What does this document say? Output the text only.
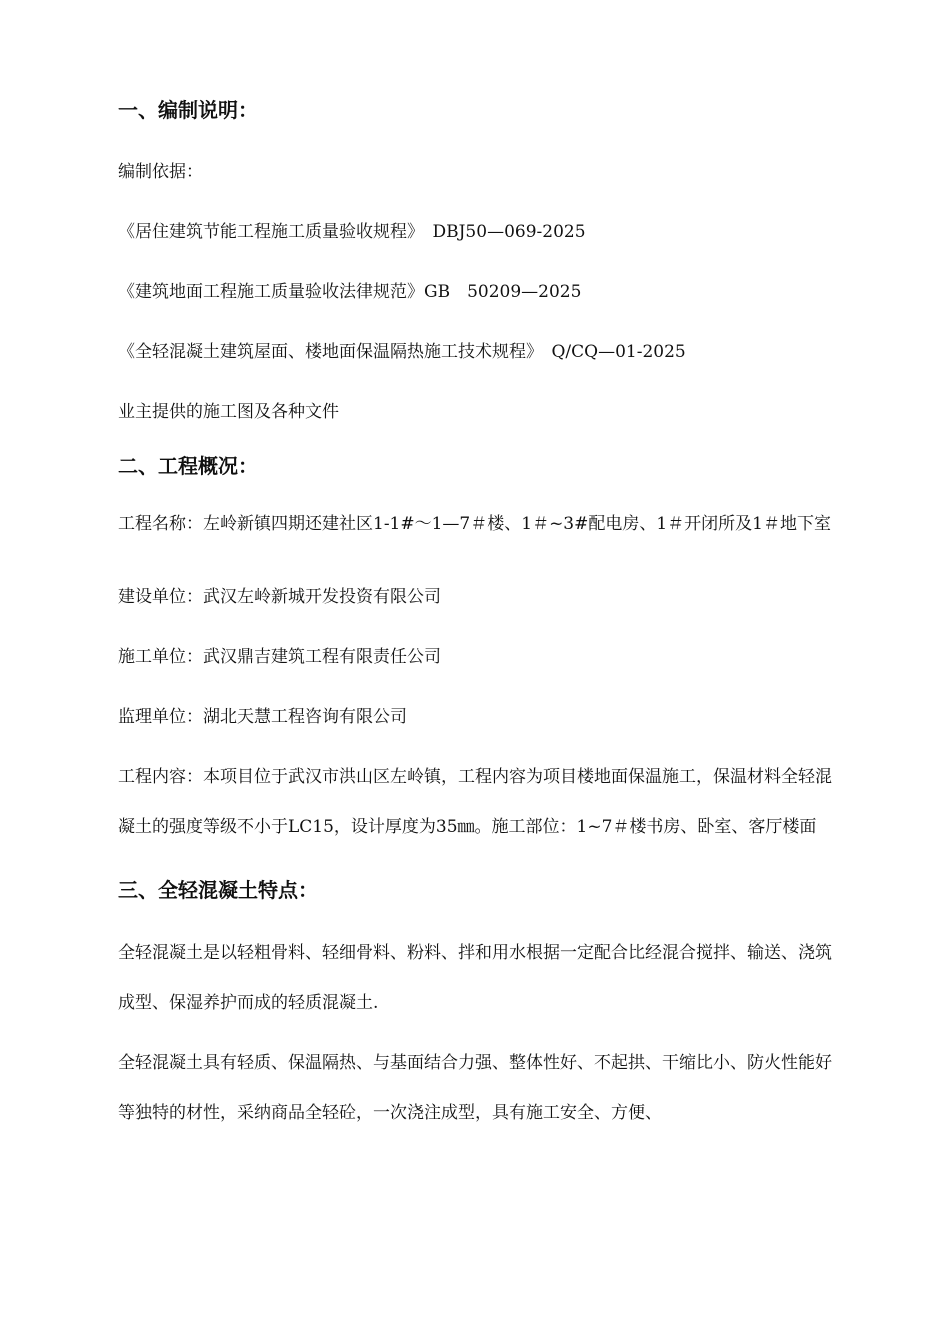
一、编制说明：

编制依据：

《居住建筑节能工程施工质量验收规程》　DBJ50—069-2025

《建筑地面工程施工质量验收法律规范》GB　50209—2025

《全轻混凝土建筑屋面、楼地面保温隔热施工技术规程》　Q/CQ—01-2025

业主提供的施工图及各种文件

二、工程概况：

工程名称：左岭新镇四期还建社区1-1#～1—7＃楼、1＃~3#配电房、1＃开闭所及1＃地下室

建设单位：武汉左岭新城开发投资有限公司

施工单位：武汉鼎吉建筑工程有限责任公司

监理单位：湖北天慧工程咨询有限公司

工程内容：本项目位于武汉市洪山区左岭镇，工程内容为项目楼地面保温施工，保温材料全轻混凝土的强度等级不小于LC15，设计厚度为35㎜。施工部位：1~7＃楼书房、卧室、客厅楼面

三、全轻混凝土特点：

全轻混凝土是以轻粗骨料、轻细骨料、粉料、拌和用水根据一定配合比经混合搅拌、输送、浇筑成型、保湿养护而成的轻质混凝土.

全轻混凝土具有轻质、保温隔热、与基面结合力强、整体性好、不起拱、干缩比小、防火性能好等独特的材性，采纳商品全轻砼，一次浇注成型，具有施工安全、方便、
